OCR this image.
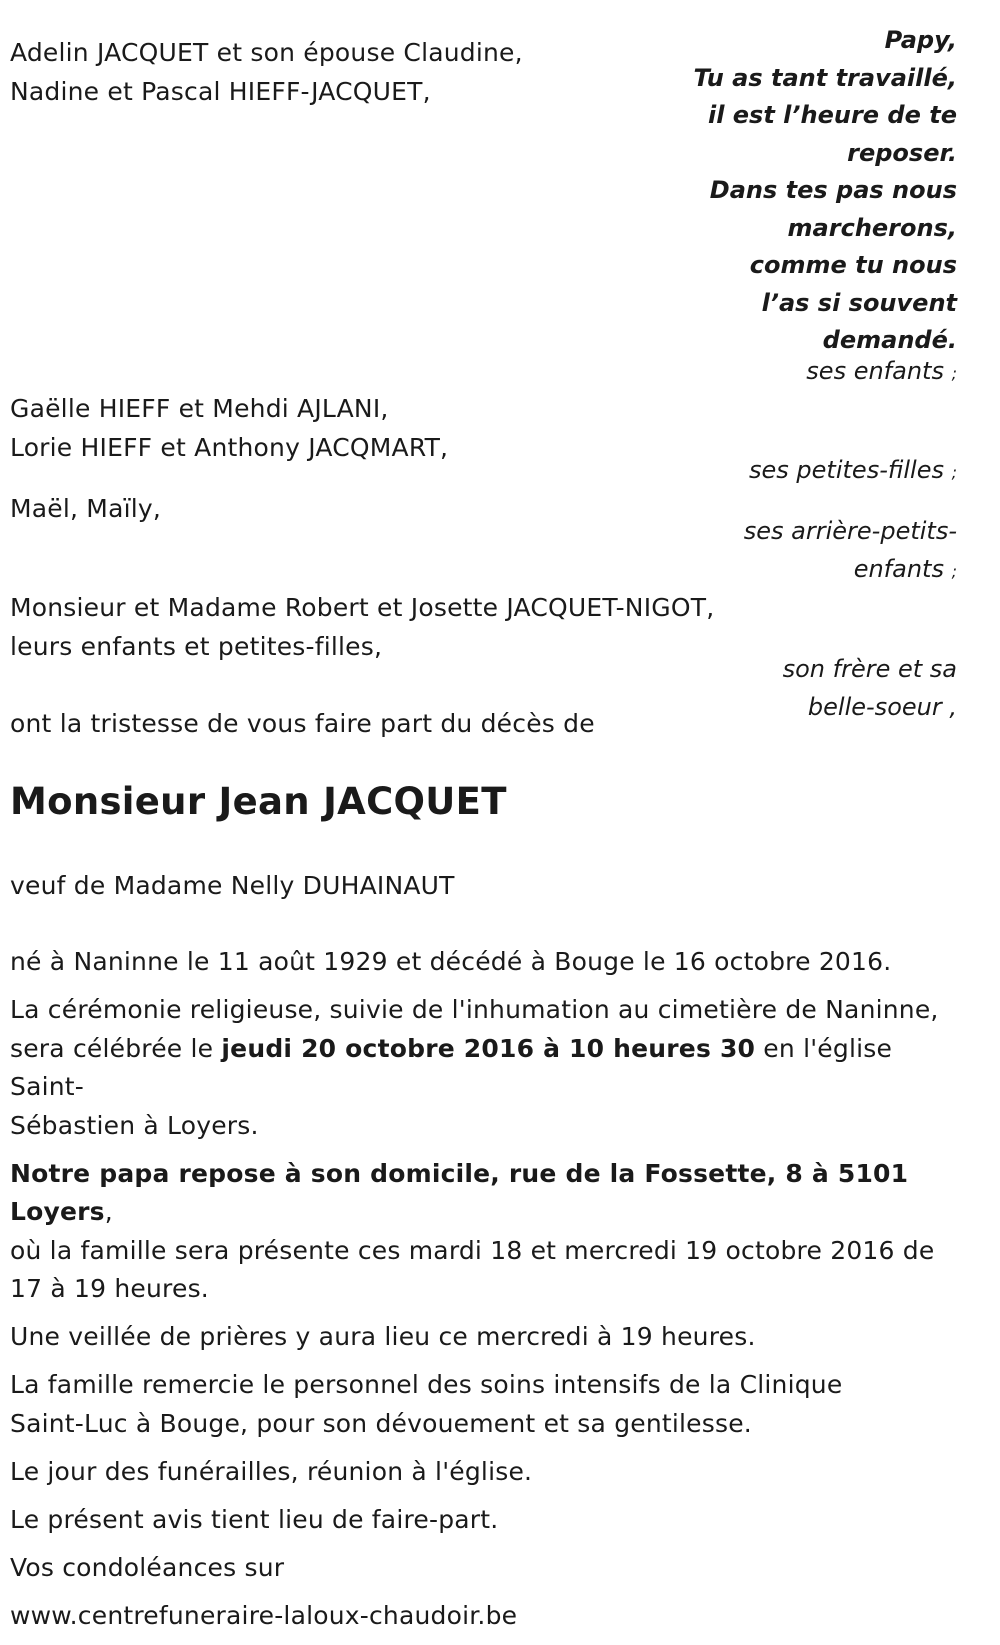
Adelin JACQUET et son épouse Claudine,
Nadine et Pascal HIEFF-JACQUET,
Gaëlle HIEFF et Mehdi AJLANI,
Lorie HIEFF et Anthony JACQMART,
Maël, Maïly,
Monsieur et Madame Robert et Josette JACQUET-NIGOT,
leurs enfants et petites-filles,
ont la tristesse de vous faire part du décès de
Papy,
Tu as tant travaillé,
il est l’heure de te
reposer.
Dans tes pas nous
marcherons,
comme tu nous
l’as si souvent
demandé.
ses enfants ;
ses petites-filles ;
ses arrière-petits-
enfants ;
son frère et sa
belle-soeur ,
Monsieur Jean JACQUET
veuf de Madame Nelly DUHAINAUT

né à Naninne le 11 août 1929 et décédé à Bouge le 16 octobre 2016.

La cérémonie religieuse, suivie de l'inhumation au cimetière de Naninne,
sera célébrée le jeudi 20 octobre 2016 à 10 heures 30 en l'église Saint-
Sébastien à Loyers.

Notre papa repose à son domicile, rue de la Fossette, 8 à 5101 Loyers,
où la famille sera présente ces mardi 18 et mercredi 19 octobre 2016 de
17 à 19 heures.

Une veillée de prières y aura lieu ce mercredi à 19 heures.

La famille remercie le personnel des soins intensifs de la Clinique
Saint-Luc à Bouge, pour son dévouement et sa gentilesse.

Le jour des funérailles, réunion à l'église.

Le présent avis tient lieu de faire-part.

Vos condoléances sur

www.centrefuneraire-laloux-chaudoir.be
